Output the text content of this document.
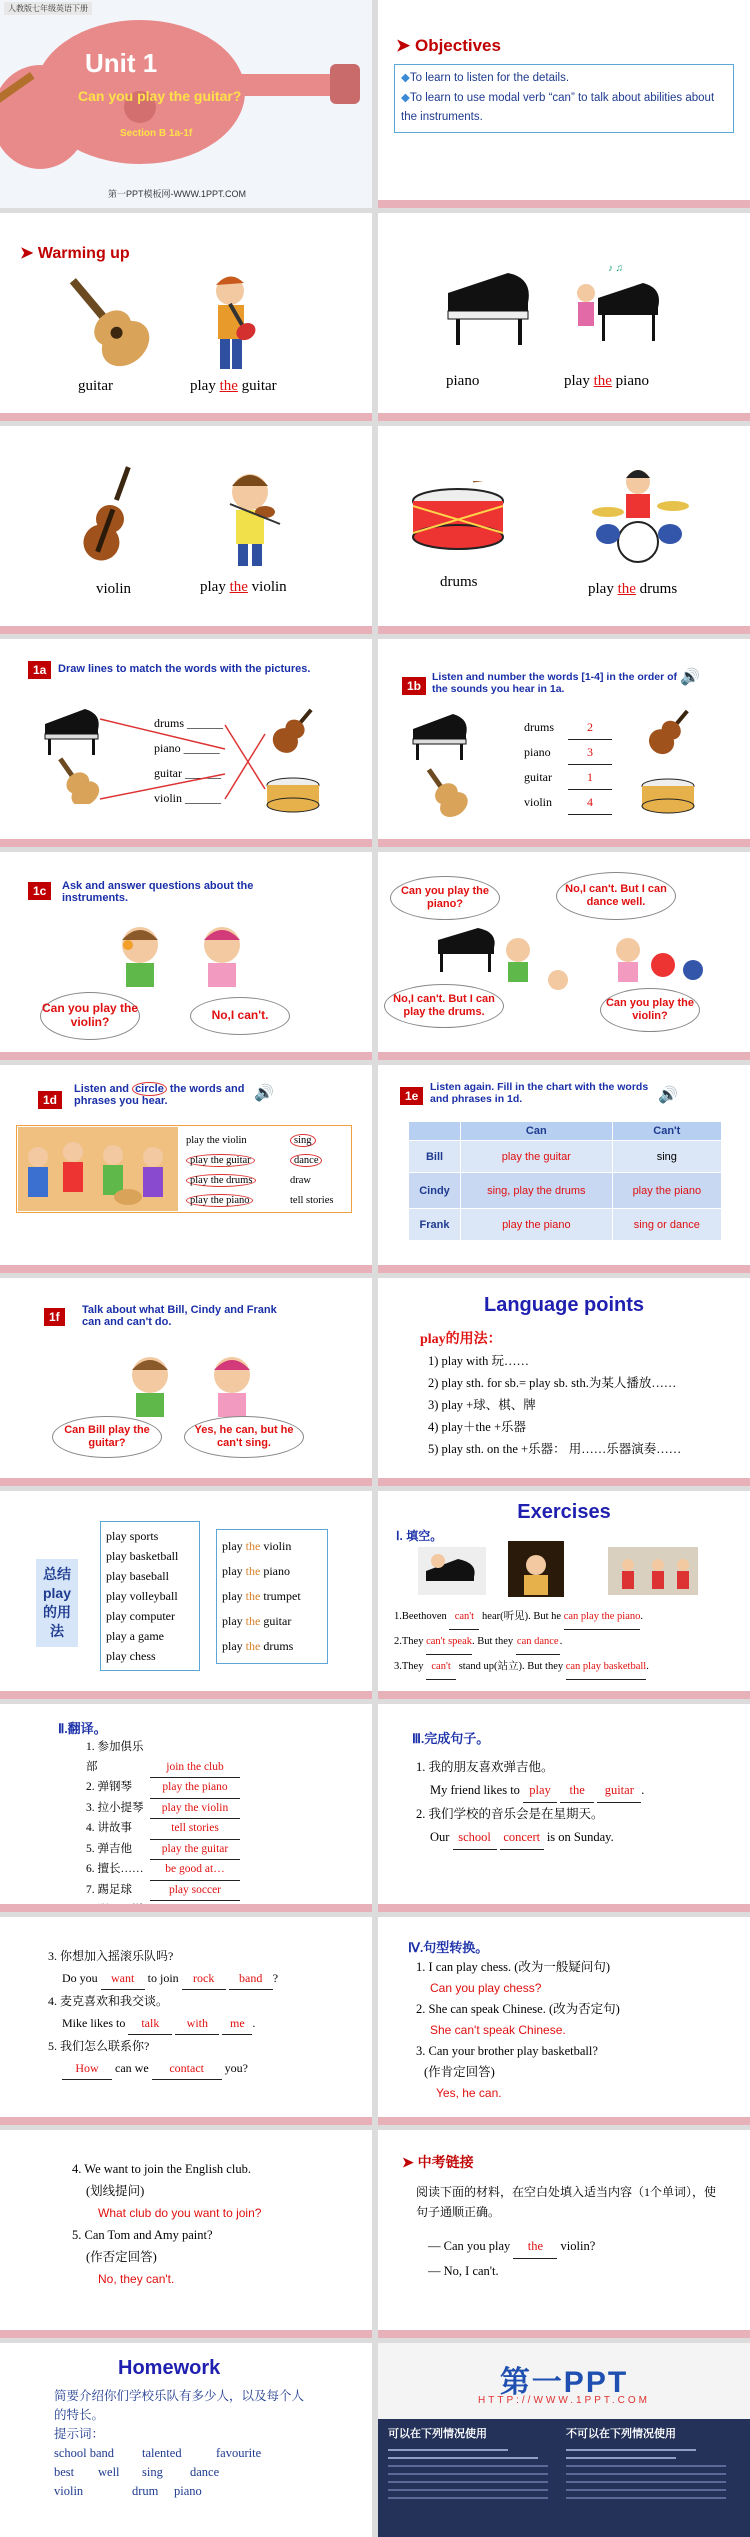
人教版七年级英语下册
Unit 1
Can you play the guitar?
Section B 1a-1f
第一PPT模板网-WWW.1PPT.COM
➤ Objectives
◆To learn to listen for the details.
◆To learn to use modal verb “can” to talk about abilities about the instruments.
➤ Warming up
guitar	play the guitar
♪ ♫
piano	play the piano
violin	play the violin	drums	play the drums
1a	Draw lines to match the words with the pictures.
drums ______
piano ______
guitar ______
violin ______
1b
Listen and number the words [1-4] in the order of the sounds you hear in 1a.
🔊
drums	2
piano	3
guitar	1
violin	4
1c	Ask and answer questions about the instruments.
Can you play the violin?	No,I can't.
Can you play the piano?
No,I can't. But I can dance well.
No,I can't. But I can play the drums.
Can you play the violin?
1d
Listen and circle the words and phrases you hear.	🔊
play the violin
play the guitar
play the drums
play the piano
sing
dance
draw
tell stories
1e
Listen again. Fill in the chart with the words and phrases in 1d.	🔊
	Can	Can't
Bill	play the guitar	sing
Cindy	sing, play the drums	play the piano
Frank	play the piano	sing or dance
1f	Talk about what Bill, Cindy and Frank can and can't do.
Can Bill play the guitar?
Yes, he can, but he can't sing.
Language points
play的用法：
1) play with 玩……
2) play sth. for sb.= play sb. sth.为某人播放……
3) play +球、棋、牌
4) play＋the +乐器
5) play sth. on the +乐器： 用……乐器演奏……
总结play的用法
play sports
play basketball
play baseball
play volleyball
play computer
play a game
play chess
play the violin
play the piano
play the trumpet
play the guitar
play the drums
Exercises
Ⅰ. 填空。
1.Beethoven can't hear(听见). But he can play the piano.
2.They can't speak. But they can dance.
3.They can't stand up(站立). But they can play basketball.
Ⅱ.翻译。
1. 参加俱乐部	join the club
2. 弹钢琴	play the piano
3. 拉小提琴 play the violin
4. 讲故事	tell stories
5. 弹吉他	play the guitar
6. 擅长…… be good at…
7. 踢足球	play soccer
Ⅲ.完成句子。
1. 我的朋友喜欢弹吉他。
My friend likes to play the guitar .
2. 我们学校的音乐会是在星期天。
Our school concert is on Sunday.
3. 你想加入摇滚乐队吗?
Do you want to join rock band ?
4. 麦克喜欢和我交谈。
Mike likes to talk with me .
5. 我们怎么联系你?
How can we contact you?
Ⅳ.句型转换。
1. I can play chess. (改为一般疑问句)
Can you play chess?
2. She can speak Chinese. (改为否定句)
She can't speak Chinese.
3. Can your brother play basketball?
(作肯定回答)
Yes, he can.
4. We want to join the English club.
(划线提问)
What club do you want to join?
5. Can Tom and Amy paint?
(作否定回答)
No, they can't.
➤ 中考链接
阅读下面的材料，在空白处填入适当内容（1个单词），使句子通顺正确。
— Can you play the violin?
— No, I can't.
Homework
简要介绍你们学校乐队有多少人，以及每个人的特长。
提示词：
school band talented	favourite
best well sing dance
violin	drum piano
第一PPT
HTTP://WWW.1PPT.COM
可以在下列情况使用	不可以在下列情况使用
